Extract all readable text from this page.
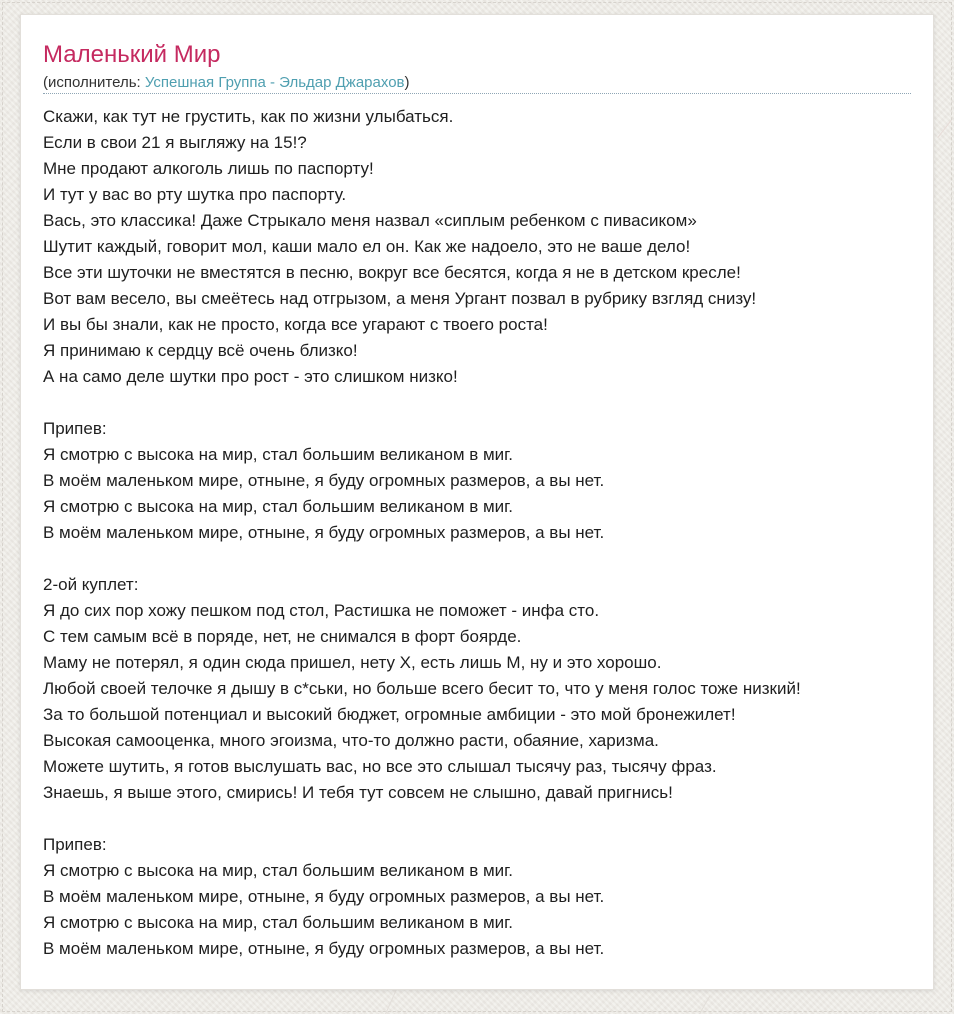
Маленький Мир
(исполнитель: Успешная Группа - Эльдар Джарахов)
Скажи, как тут не грустить, как по жизни улыбаться.
Если в свои 21 я выгляжу на 15!?
Мне продают алкоголь лишь по паспорту!
И тут у вас во рту шутка про паспорту.
Вась, это классика! Даже Стрыкало меня назвал «сиплым ребенком с пивасиком»
Шутит каждый, говорит мол, каши мало ел он. Как же надоело, это не ваше дело!
Все эти шуточки не вместятся в песню, вокруг все бесятся, когда я не в детском кресле!
Вот вам весело, вы смеётесь над отгрызом, а меня Ургант позвал в рубрику взгляд снизу!
И вы бы знали, как не просто, когда все угарают с твоего роста!
Я принимаю к сердцу всё очень близко!
А на само деле шутки про рост - это слишком низко!

Припев:
Я смотрю с высока на мир, стал большим великаном в миг.
В моём маленьком мире, отныне, я буду огромных размеров, а вы нет.
Я смотрю с высока на мир, стал большим великаном в миг.
В моём маленьком мире, отныне, я буду огромных размеров, а вы нет.

2-ой куплет:
Я до сих пор хожу пешком под стол, Растишка не поможет - инфа сто.
С тем самым всё в поряде, нет, не снимался в форт боярде.
Маму не потерял, я один сюда пришел, нету X, есть лишь M, ну и это хорошо.
Любой своей телочке я дышу в с*ськи, но больше всего бесит то, что у меня голос тоже низкий!
За то большой потенциал и высокий бюджет, огромные амбиции - это мой бронежилет!
Высокая самооценка, много эгоизма, что-то должно расти, обаяние, харизма.
Можете шутить, я готов выслушать вас, но все это слышал тысячу раз, тысячу фраз.
Знаешь, я выше этого, смирись! И тебя тут совсем не слышно, давай пригнись!

Припев:
Я смотрю с высока на мир, стал большим великаном в миг.
В моём маленьком мире, отныне, я буду огромных размеров, а вы нет.
Я смотрю с высока на мир, стал большим великаном в миг.
В моём маленьком мире, отныне, я буду огромных размеров, а вы нет.
